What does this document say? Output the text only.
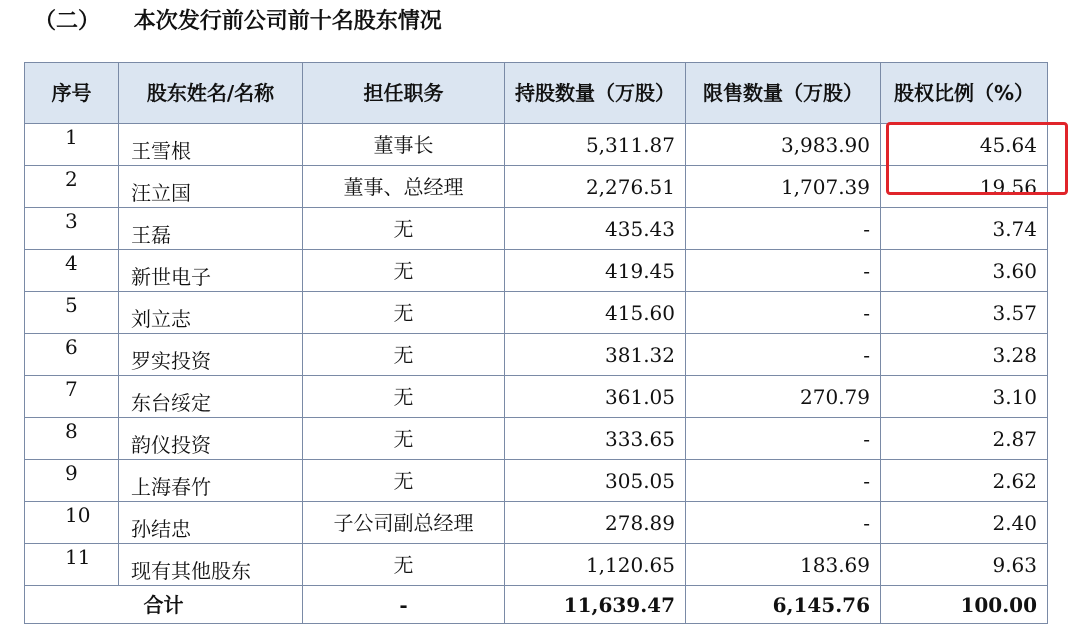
（二） 本次发行前公司前十名股东情况
序号	股东姓名/名称	担任职务	持股数量（万股）	限售数量（万股）	股权比例（%）
1	王雪根	董事长	5,311.87	3,983.90	45.64
2	汪立国	董事、总经理	2,276.51	1,707.39	19.56
3	王磊	无	435.43	-	3.74
4	新世电子	无	419.45	-	3.60
5	刘立志	无	415.60	-	3.57
6	罗实投资	无	381.32	-	3.28
7	东台绥定	无	361.05	270.79	3.10
8	韵仪投资	无	333.65	-	2.87
9	上海春竹	无	305.05	-	2.62
10	孙结忠	子公司副总经理	278.89	-	2.40
11	现有其他股东	无	1,120.65	183.69	9.63
合计		-	11,639.47	6,145.76	100.00
